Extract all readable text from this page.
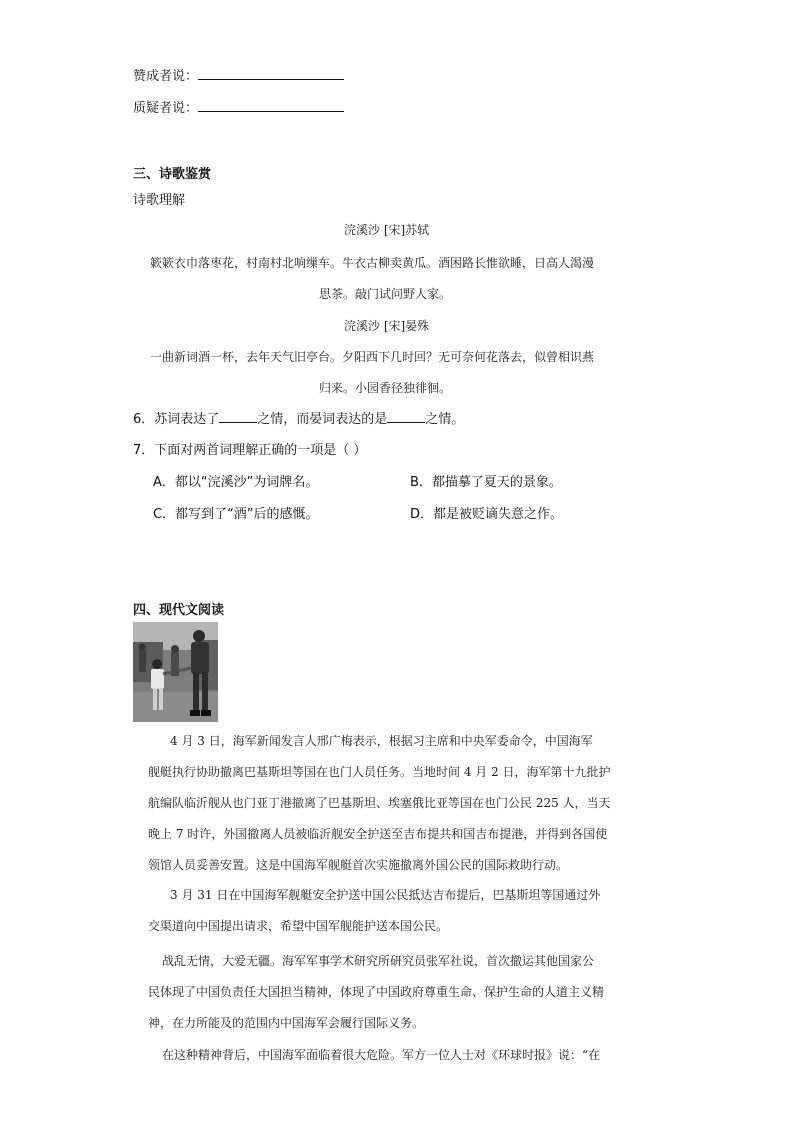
赞成者说：
质疑者说：
三、诗歌鉴赏
诗歌理解
浣溪沙 [宋]苏轼
簌簌衣巾落枣花，村南村北响缫车。牛衣古柳卖黄瓜。酒困路长惟欲睡，日高人渴漫
思茶。敲门试问野人家。
浣溪沙 [宋]晏殊
一曲新词酒一杯，去年天气旧亭台。夕阳西下几时回？无可奈何花落去，似曾相识燕
归来。小园香径独徘徊。
6．苏词表达了	之情，而晏词表达的是	之情。
7．下面对两首词理解正确的一项是（ ）
A．都以“浣溪沙”为词牌名。	B．都描摹了夏天的景象。
C．都写到了“酒”后的感慨。	D．都是被贬谪失意之作。
四、现代文阅读
4 月 3 日，海军新闻发言人邢广梅表示，根据习主席和中央军委命令，中国海军
舰艇执行协助撤离巴基斯坦等国在也门人员任务。当地时间 4 月 2 日，海军第十九批护
航编队临沂舰从也门亚丁港撤离了巴基斯坦、埃塞俄比亚等国在也门公民 225 人，当天
晚上 7 时许，外国撤离人员被临沂舰安全护送至吉布提共和国吉布提港，并得到各国使
领馆人员妥善安置。这是中国海军舰艇首次实施撤离外国公民的国际救助行动。
3 月 31 日在中国海军舰艇安全护送中国公民抵达吉布提后，巴基斯坦等国通过外
交渠道向中国提出请求，希望中国军舰能护送本国公民。
战乱无情，大爱无疆。海军军事学术研究所研究员张军社说，首次撤运其他国家公
民体现了中国负责任大国担当精神，体现了中国政府尊重生命、保护生命的人道主义精
神，在力所能及的范围内中国海军会履行国际义务。
在这种精神背后，中国海军面临着很大危险。军方一位人士对《环球时报》说：“在
